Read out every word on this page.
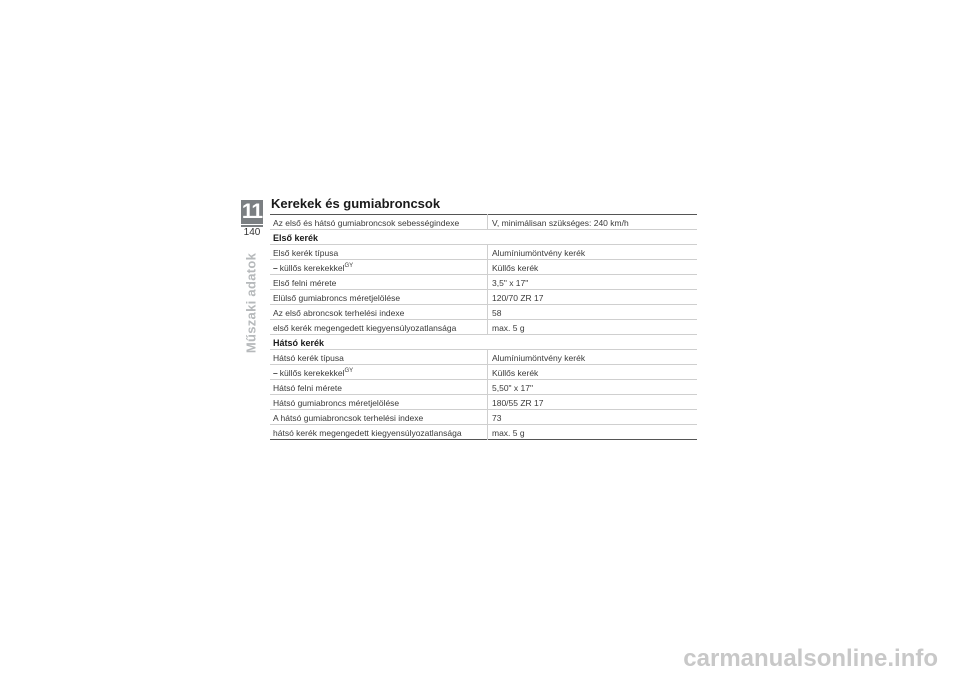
11
140
Műszaki adatok
Kerekek és gumiabroncsok
Az első és hátsó gumiabroncsok sebességindexe	V, minimálisan szükséges: 240 km/h
Első kerék	
Első kerék típusa	Alumíniumöntvény kerék
– küllős kerekekkel$^{GY}$	Küllős kerék
Első felni mérete	3,5" x 17"
Elülső gumiabroncs méretjelölése	120/70 ZR 17
Az első abroncsok terhelési indexe	58
első kerék megengedett kiegyensúlyozatlansága	max. 5 g
Hátsó kerék	
Hátsó kerék típusa	Alumíniumöntvény kerék
– küllős kerekekkel$^{GY}$	Küllős kerék
Hátsó felni mérete	5,50" x 17"
Hátsó gumiabroncs méretjelölése	180/55 ZR 17
A hátsó gumiabroncsok terhelési indexe	73
hátsó kerék megengedett kiegyensúlyozatlansága	max. 5 g
carmanualsonline.info
